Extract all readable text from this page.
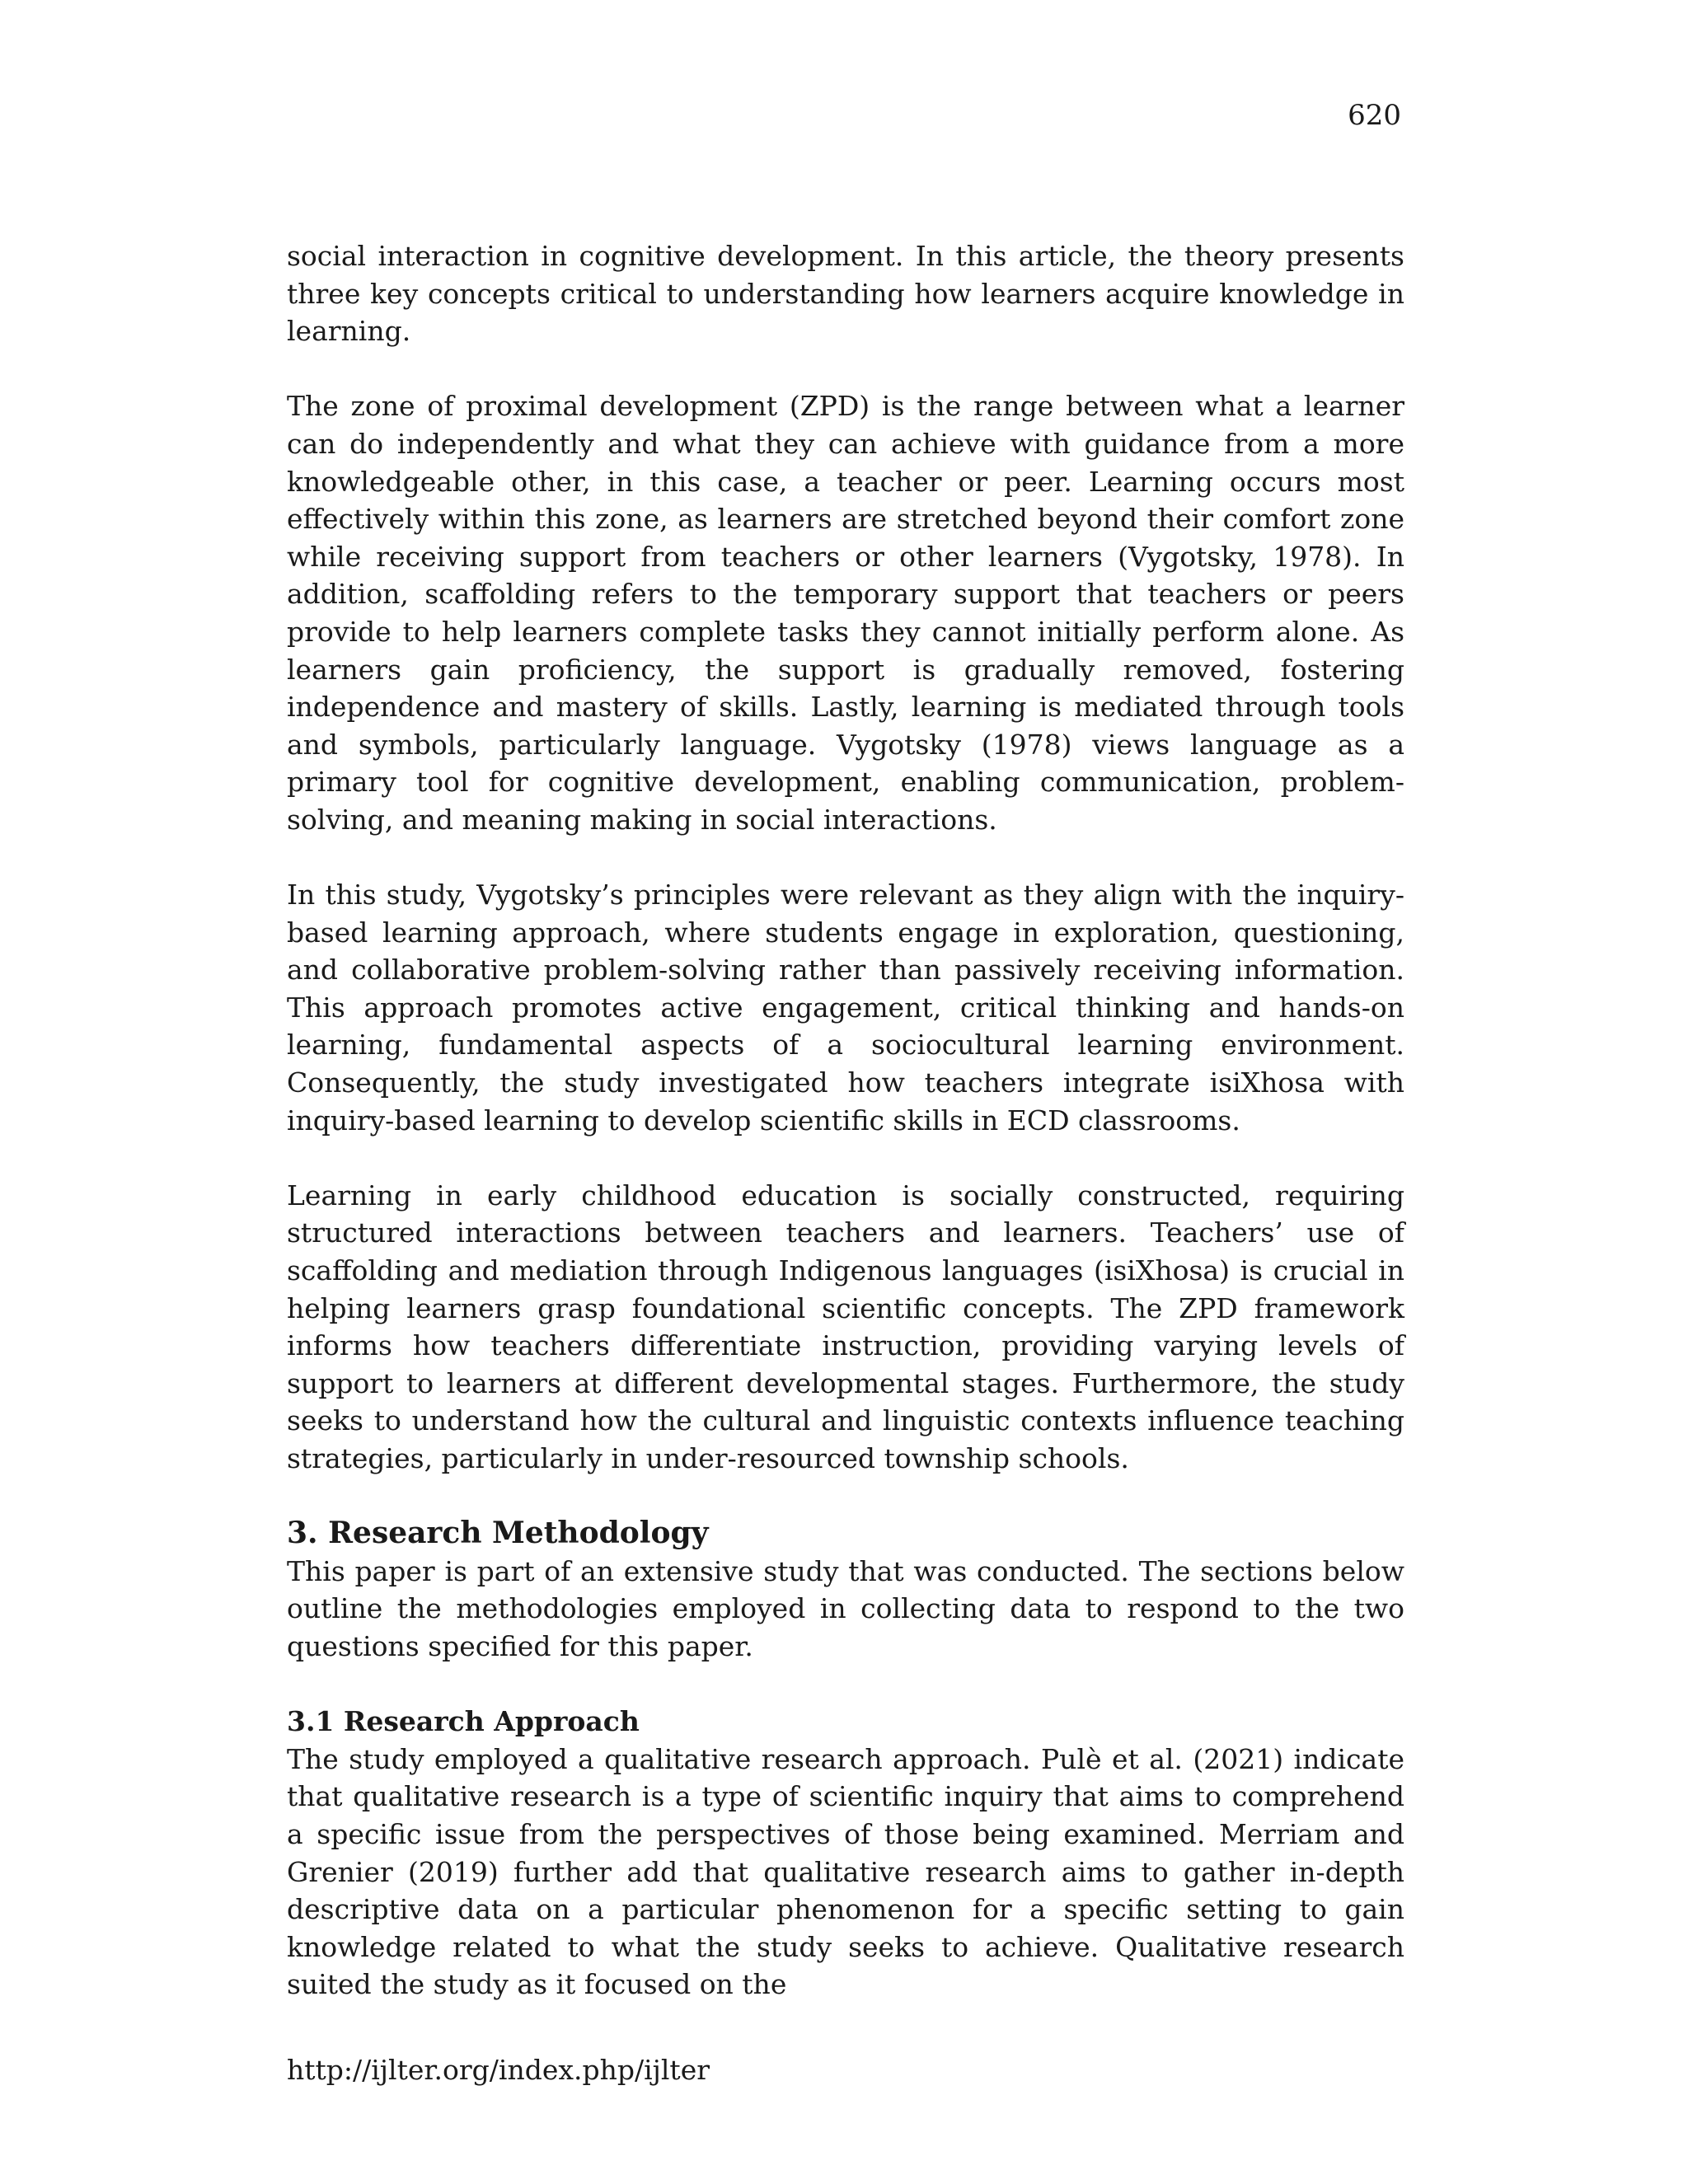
620

social interaction in cognitive development. In this article, the theory presents three key concepts critical to understanding how learners acquire knowledge in learning.

The zone of proximal development (ZPD) is the range between what a learner can do independently and what they can achieve with guidance from a more knowledgeable other, in this case, a teacher or peer. Learning occurs most effectively within this zone, as learners are stretched beyond their comfort zone while receiving support from teachers or other learners (Vygotsky, 1978). In addition, scaffolding refers to the temporary support that teachers or peers provide to help learners complete tasks they cannot initially perform alone. As learners gain proficiency, the support is gradually removed, fostering independence and mastery of skills. Lastly, learning is mediated through tools and symbols, particularly language. Vygotsky (1978) views language as a primary tool for cognitive development, enabling communication, problem-solving, and meaning making in social interactions.

In this study, Vygotsky’s principles were relevant as they align with the inquiry-based learning approach, where students engage in exploration, questioning, and collaborative problem-solving rather than passively receiving information. This approach promotes active engagement, critical thinking and hands-on learning, fundamental aspects of a sociocultural learning environment. Consequently, the study investigated how teachers integrate isiXhosa with inquiry-based learning to develop scientific skills in ECD classrooms.

Learning in early childhood education is socially constructed, requiring structured interactions between teachers and learners. Teachers’ use of scaffolding and mediation through Indigenous languages (isiXhosa) is crucial in helping learners grasp foundational scientific concepts. The ZPD framework informs how teachers differentiate instruction, providing varying levels of support to learners at different developmental stages. Furthermore, the study seeks to understand how the cultural and linguistic contexts influence teaching strategies, particularly in under-resourced township schools.

3. Research Methodology

This paper is part of an extensive study that was conducted. The sections below outline the methodologies employed in collecting data to respond to the two questions specified for this paper.

3.1 Research Approach

The study employed a qualitative research approach. Pulè et al. (2021) indicate that qualitative research is a type of scientific inquiry that aims to comprehend a specific issue from the perspectives of those being examined. Merriam and Grenier (2019) further add that qualitative research aims to gather in-depth descriptive data on a particular phenomenon for a specific setting to gain knowledge related to what the study seeks to achieve. Qualitative research suited the study as it focused on the

http://ijlter.org/index.php/ijlter
